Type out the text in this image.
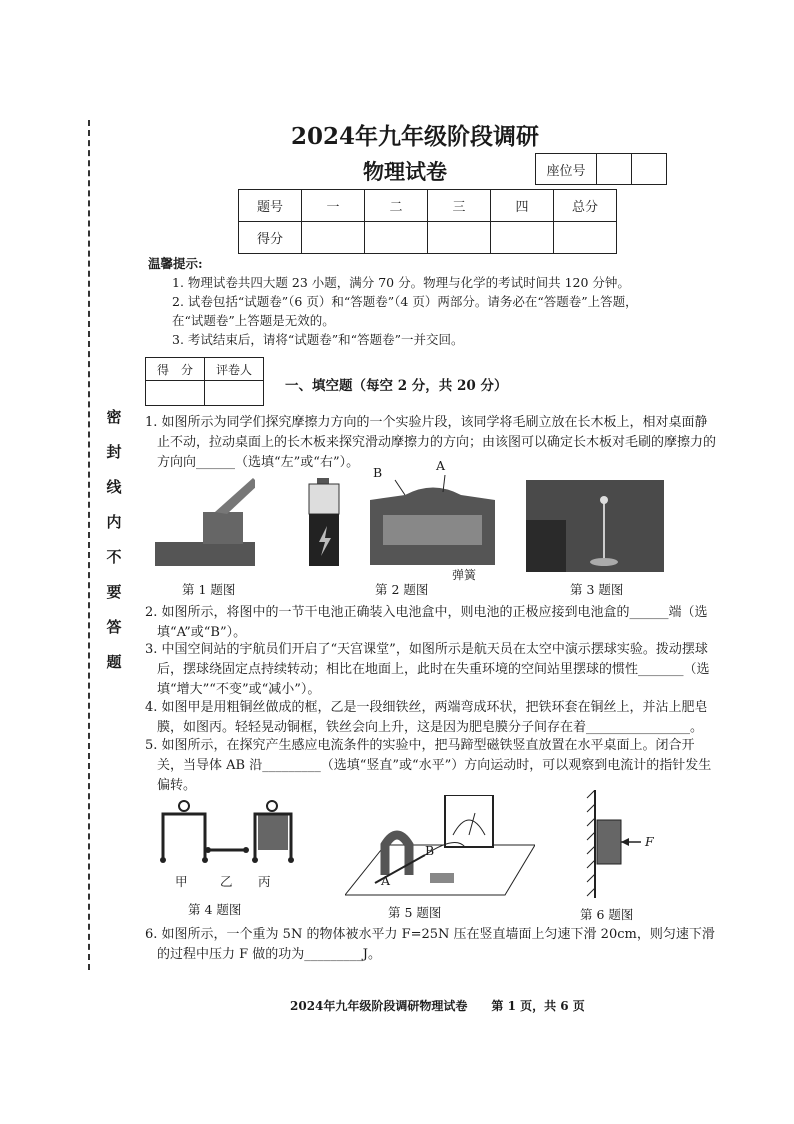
密
封
线
内
不
要
答
题
2024年九年级阶段调研
物理试卷	座位号		
题号	一	二	三	四	总分
得分					
温馨提示:

1. 物理试卷共四大题 23 小题，满分 70 分。物理与化学的考试时间共 120 分钟。

2. 试卷包括“试题卷”（6 页）和“答题卷”（4 页）两部分。请务必在“答题卷”上答题，

在“试题卷”上答题是无效的。

3. 考试结束后，请将“试题卷”和“答题卷”一并交回。

得　分	评卷人

一、填空题（每空 2 分，共 20 分）
1. 如图所示为同学们探究摩擦力方向的一个实验片段，该同学将毛刷立放在长木板上，相对桌面静止不动，拉动桌面上的长木板来探究滑动摩擦力的方向；由该图可以确定长木板对毛刷的摩擦力的方向向______（选填“左”或“右”）。
第 1 题图
B	A
弹簧
第 2 题图	第 3 题图
2. 如图所示，将图中的一节干电池正确装入电池盒中，则电池的正极应接到电池盒的______端（选填“A”或“B”）。
3. 中国空间站的宇航员们开启了“天宫课堂”，如图所示是航天员在太空中演示摆球实验。拨动摆球后，摆球绕固定点持续转动；相比在地面上，此时在失重环境的空间站里摆球的惯性_______（选填“增大”“不变”或“减小”）。
4. 如图甲是用粗铜丝做成的框，乙是一段细铁丝，两端弯成环状，把铁环套在铜丝上，并沾上肥皂膜，如图丙。轻轻晃动铜框，铁丝会向上升，这是因为肥皂膜分子间存在着________________。
5. 如图所示，在探究产生感应电流条件的实验中，把马蹄型磁铁竖直放置在水平桌面上。闭合开关，当导体 AB 沿_________（选填“竖直”或“水平”）方向运动时，可以观察到电流计的指针发生偏转。
甲	乙 丙
第 4 题图
A
B
第 5 题图
F
第 6 题图
6. 如图所示，一个重为 5N 的物体被水平力 F=25N 压在竖直墙面上匀速下滑 20cm，则匀速下滑的过程中压力 F 做的功为_________J。
2024年九年级阶段调研物理试卷　　第 1 页，共 6 页
